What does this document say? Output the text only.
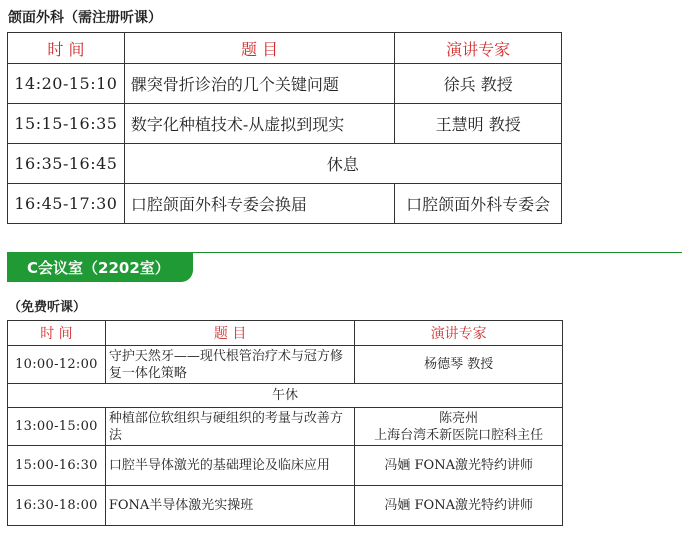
颌面外科（需注册听课）
时 间	题 目	演讲专家
14:20-15:10	髁突骨折诊治的几个关键问题	徐兵 教授
15:15-16:35	数字化种植技术-从虚拟到现实	王慧明 教授
16:35-16:45	休息	
16:45-17:30	口腔颌面外科专委会换届	口腔颌面外科专委会
C会议室（2202室）
（免费听课）
时 间	题 目	演讲专家
10:00-12:00	守护天然牙——现代根管治疗术与冠方修复一体化策略	杨德琴 教授
午休		
13:00-15:00	种植部位软组织与硬组织的考量与改善方法	陈亮州
上海台湾禾新医院口腔科主任

15:00-16:30	口腔半导体激光的基础理论及临床应用	冯婳 FONA激光特约讲师
16:30-18:00	FONA半导体激光实操班	冯婳 FONA激光特约讲师
